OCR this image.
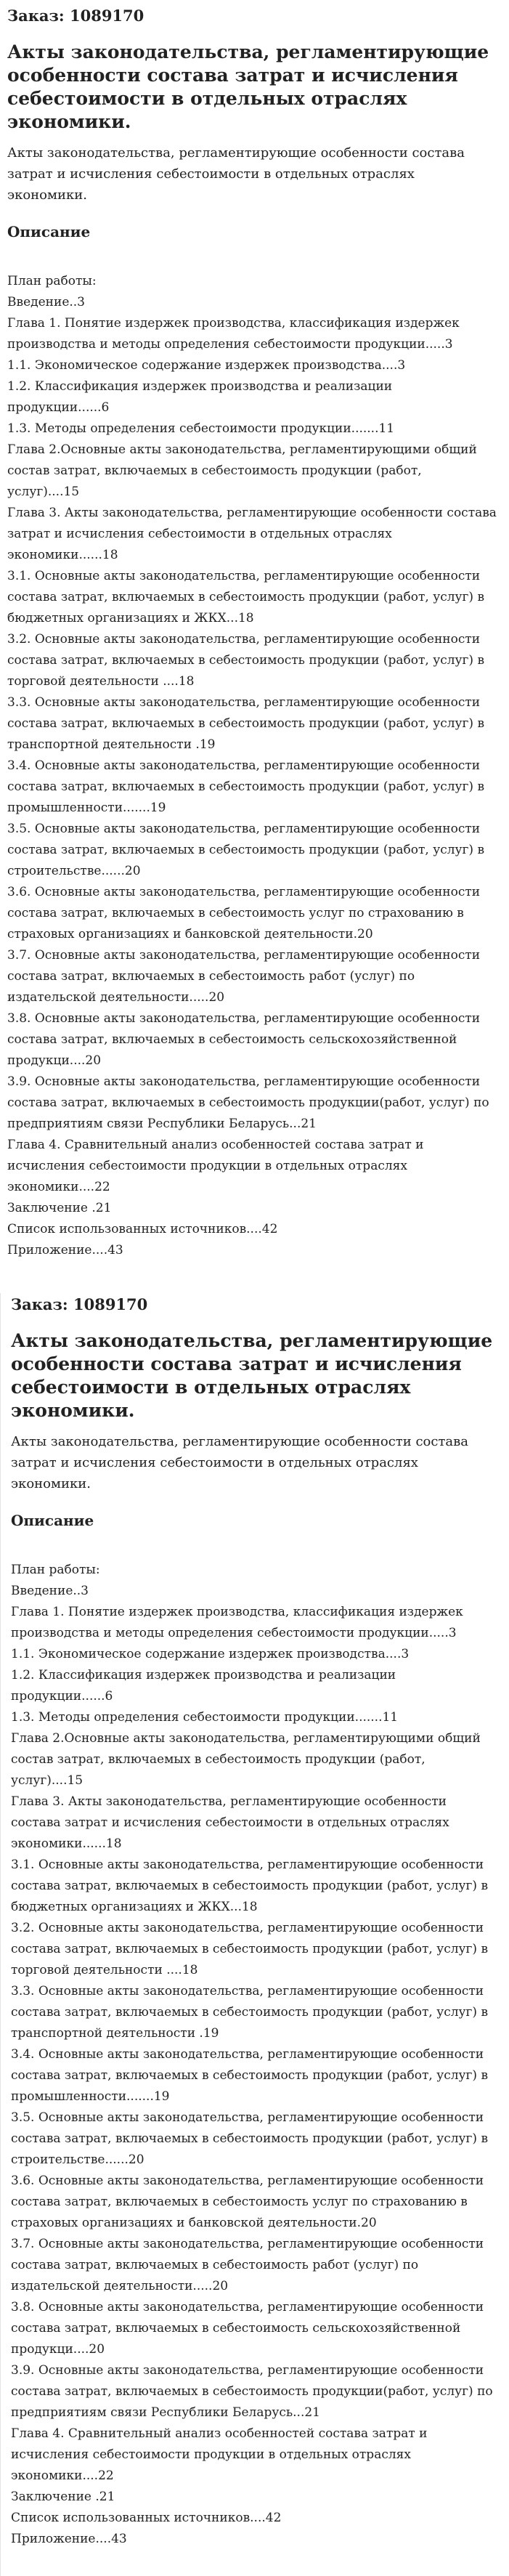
Заказ: 1089170
Акты законодательства, регламентирующие особенности состава затрат и исчисления себестоимости в отдельных отраслях экономики.
Акты законодательства, регламентирующие особенности состава затрат и исчисления себестоимости в отдельных отраслях экономики.
Описание

План работы:

Введение..3

Глава 1. Понятие издержек производства, классификация издержек производства и методы определения себестоимости продукции.....3

1.1. Экономическое содержание издержек производства....3

1.2. Классификация издержек производства и реализации продукции......6

1.3. Методы определения себестоимости продукции.......11

Глава 2.Основные акты законодательства, регламентирующими общий состав затрат, включаемых в себестоимость продукции (работ, услуг)....15

Глава 3. Акты законодательства, регламентирующие особенности состава затрат и исчисления себестоимости в отдельных отраслях экономики......18

3.1. Основные акты законодательства, регламентирующие особенности состава затрат, включаемых в себестоимость продукции (работ, услуг) в бюджетных организациях и ЖКХ...18

3.2. Основные акты законодательства, регламентирующие особенности состава затрат, включаемых в себестоимость продукции (работ, услуг) в торговой деятельности ....18

3.3. Основные акты законодательства, регламентирующие особенности состава затрат, включаемых в себестоимость продукции (работ, услуг) в транспортной деятельности .19

3.4. Основные акты законодательства, регламентирующие особенности состава затрат, включаемых в себестоимость продукции (работ, услуг) в промышленности.......19

3.5. Основные акты законодательства, регламентирующие особенности состава затрат, включаемых в себестоимость продукции (работ, услуг) в строительстве......20

3.6. Основные акты законодательства, регламентирующие особенности состава затрат, включаемых в себестоимость услуг по страхованию в страховых организациях и банковской деятельности.20

3.7. Основные акты законодательства, регламентирующие особенности состава затрат, включаемых в себестоимость работ (услуг) по издательской деятельности.....20

3.8. Основные акты законодательства, регламентирующие особенности состава затрат, включаемых в себестоимость сельскохозяйственной продукци....20

3.9. Основные акты законодательства, регламентирующие особенности состава затрат, включаемых в себестоимость продукции(работ, услуг) по предприятиям связи Республики Беларусь...21

Глава 4. Сравнительный анализ особенностей состава затрат и исчисления себестоимости продукции в отдельных отраслях экономики....22

Заключение .21

Список использованных источников....42

Приложение....43

Заказ: 1089170
Акты законодательства, регламентирующие особенности состава затрат и исчисления себестоимости в отдельных отраслях экономики.
Акты законодательства, регламентирующие особенности состава затрат и исчисления себестоимости в отдельных отраслях экономики.
Описание

План работы:

Введение..3

Глава 1. Понятие издержек производства, классификация издержек производства и методы определения себестоимости продукции.....3

1.1. Экономическое содержание издержек производства....3

1.2. Классификация издержек производства и реализации продукции......6

1.3. Методы определения себестоимости продукции.......11

Глава 2.Основные акты законодательства, регламентирующими общий состав затрат, включаемых в себестоимость продукции (работ, услуг)....15

Глава 3. Акты законодательства, регламентирующие особенности состава затрат и исчисления себестоимости в отдельных отраслях экономики......18

3.1. Основные акты законодательства, регламентирующие особенности состава затрат, включаемых в себестоимость продукции (работ, услуг) в бюджетных организациях и ЖКХ...18

3.2. Основные акты законодательства, регламентирующие особенности состава затрат, включаемых в себестоимость продукции (работ, услуг) в торговой деятельности ....18

3.3. Основные акты законодательства, регламентирующие особенности состава затрат, включаемых в себестоимость продукции (работ, услуг) в транспортной деятельности .19

3.4. Основные акты законодательства, регламентирующие особенности состава затрат, включаемых в себестоимость продукции (работ, услуг) в промышленности.......19

3.5. Основные акты законодательства, регламентирующие особенности состава затрат, включаемых в себестоимость продукции (работ, услуг) в строительстве......20

3.6. Основные акты законодательства, регламентирующие особенности состава затрат, включаемых в себестоимость услуг по страхованию в страховых организациях и банковской деятельности.20

3.7. Основные акты законодательства, регламентирующие особенности состава затрат, включаемых в себестоимость работ (услуг) по издательской деятельности.....20

3.8. Основные акты законодательства, регламентирующие особенности состава затрат, включаемых в себестоимость сельскохозяйственной продукци....20

3.9. Основные акты законодательства, регламентирующие особенности состава затрат, включаемых в себестоимость продукции(работ, услуг) по предприятиям связи Республики Беларусь...21

Глава 4. Сравнительный анализ особенностей состава затрат и исчисления себестоимости продукции в отдельных отраслях экономики....22

Заключение .21

Список использованных источников....42

Приложение....43
